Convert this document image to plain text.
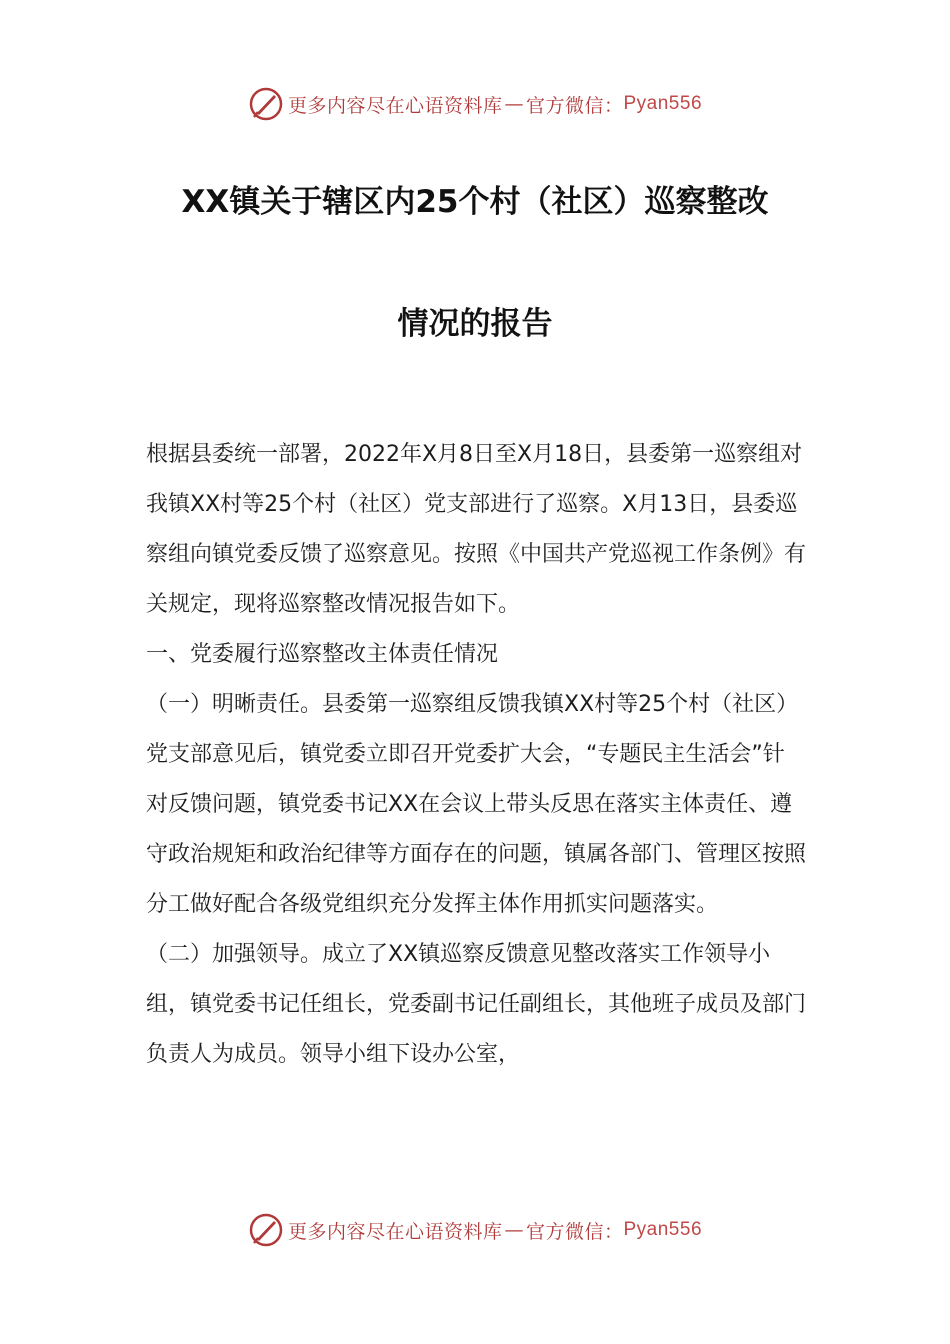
更多内容尽在心语资料库 — 官方微信： Pyan556
XX镇关于辖区内25个村（社区）巡察整改
情况的报告

根据县委统一部署，2022年X月8日至X月18日，县委第一巡察组对我镇XX村等25个村（社区）党支部进行了巡察。X月13日，县委巡察组向镇党委反馈了巡察意见。按照《中国共产党巡视工作条例》有关规定，现将巡察整改情况报告如下。

一、党委履行巡察整改主体责任情况

（一）明晰责任。县委第一巡察组反馈我镇XX村等25个村（社区）党支部意见后，镇党委立即召开党委扩大会，“专题民主生活会”针对反馈问题，镇党委书记XX在会议上带头反思在落实主体责任、遵守政治规矩和政治纪律等方面存在的问题，镇属各部门、管理区按照分工做好配合各级党组织充分发挥主体作用抓实问题落实。

（二）加强领导。成立了XX镇巡察反馈意见整改落实工作领导小组，镇党委书记任组长，党委副书记任副组长，其他班子成员及部门负责人为成员。领导小组下设办公室，

更多内容尽在心语资料库 — 官方微信： Pyan556
